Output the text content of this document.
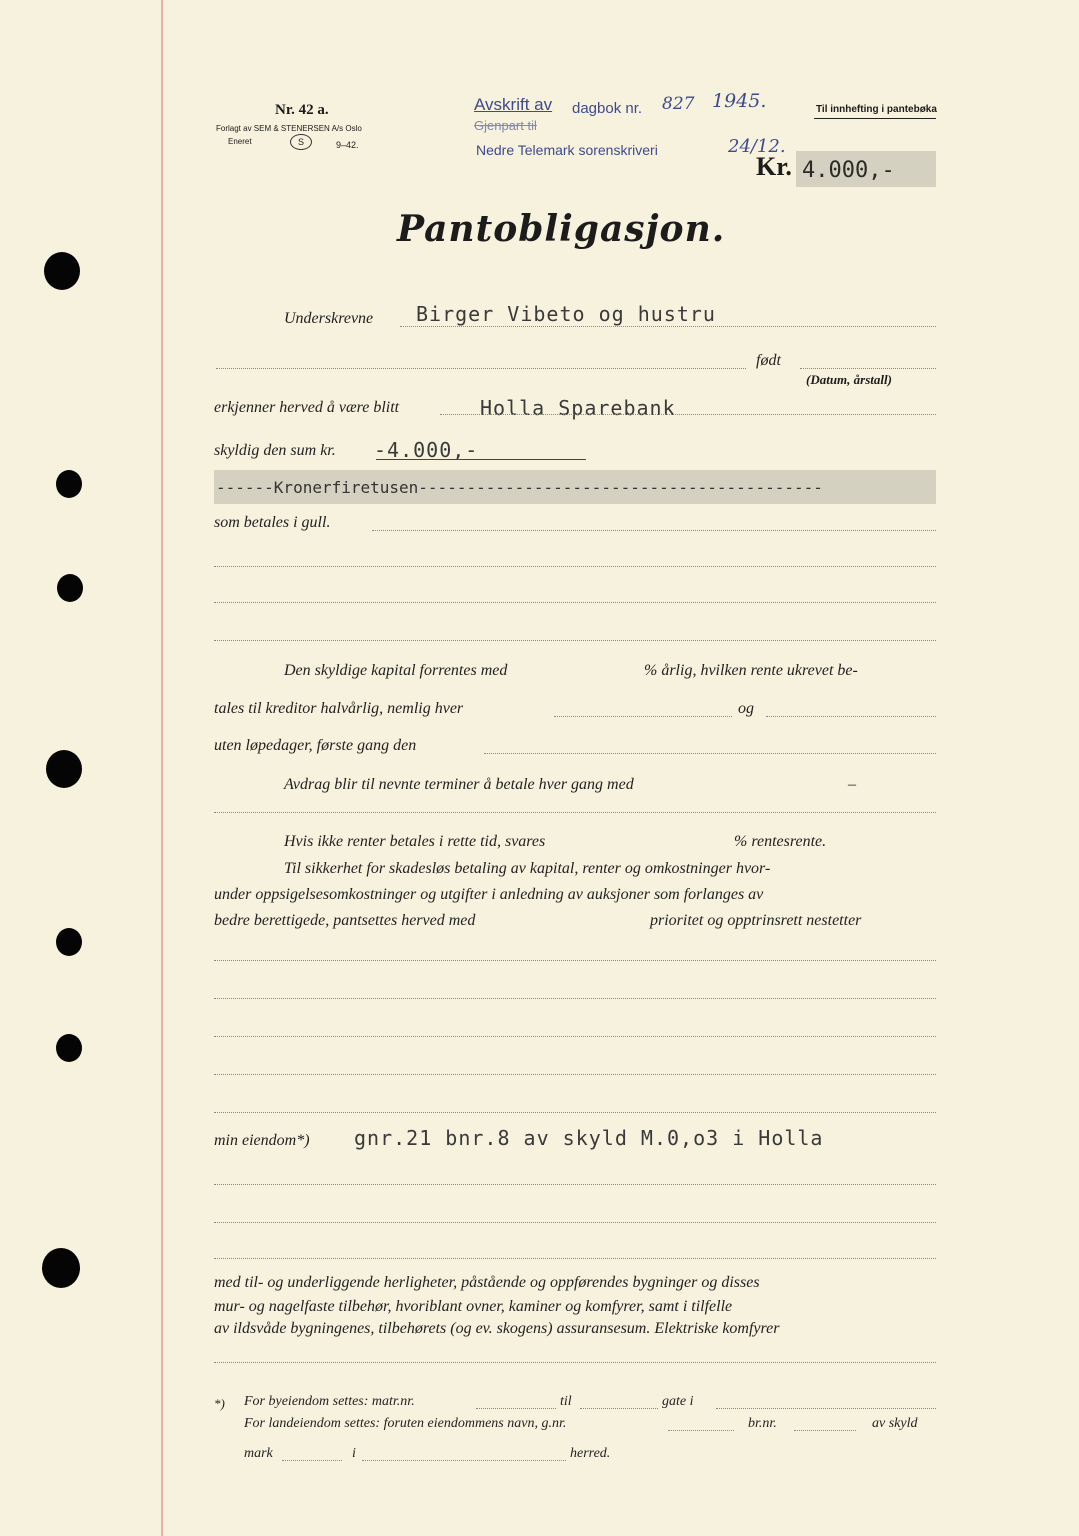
Nr. 42 a.
Forlagt av SEM & STENERSEN A/s Oslo
Eneret	S	9–42.
Avskrift av dagbok nr.
Gjenpart til
Nedre Telemark sorenskriveri
827 1945.
24/12.
Til innhefting i pantebøka
Kr. 4.000,-
Pantobligasjon.
Underskrevne Birger Vibeto og hustru
født
(Datum, årstall)
erkjenner herved å være blitt	Holla Sparebank
skyldig den sum kr. -4.000,-
------Kronerfiretusen------------------------------------------
som betales i gull.
Den skyldige kapital forrentes med	% årlig, hvilken rente ukrevet be-
tales til kreditor halvårlig, nemlig hver	og
uten løpedager, første gang den
Avdrag blir til nevnte terminer å betale hver gang med	–
Hvis ikke renter betales i rette tid, svares	% rentesrente.
Til sikkerhet for skadesløs betaling av kapital, renter og omkostninger hvor-
under oppsigelsesomkostninger og utgifter i anledning av auksjoner som forlanges av
bedre berettigede, pantsettes herved med	prioritet og opptrinsrett nestetter
min eiendom*) gnr.21 bnr.8 av skyld M.0,o3 i Holla
med til- og underliggende herligheter, påstående og oppførendes bygninger og disses
mur- og nagelfaste tilbehør, hvoriblant ovner, kaminer og komfyrer, samt i tilfelle
av ildsvåde bygningenes, tilbehørets (og ev. skogens) assuransesum. Elektriske komfyrer
*) For byeiendom settes: matr.nr.	til	gate i
For landeiendom settes: foruten eiendommens navn, g.nr.	br.nr.	av skyld
mark	i	herred.
